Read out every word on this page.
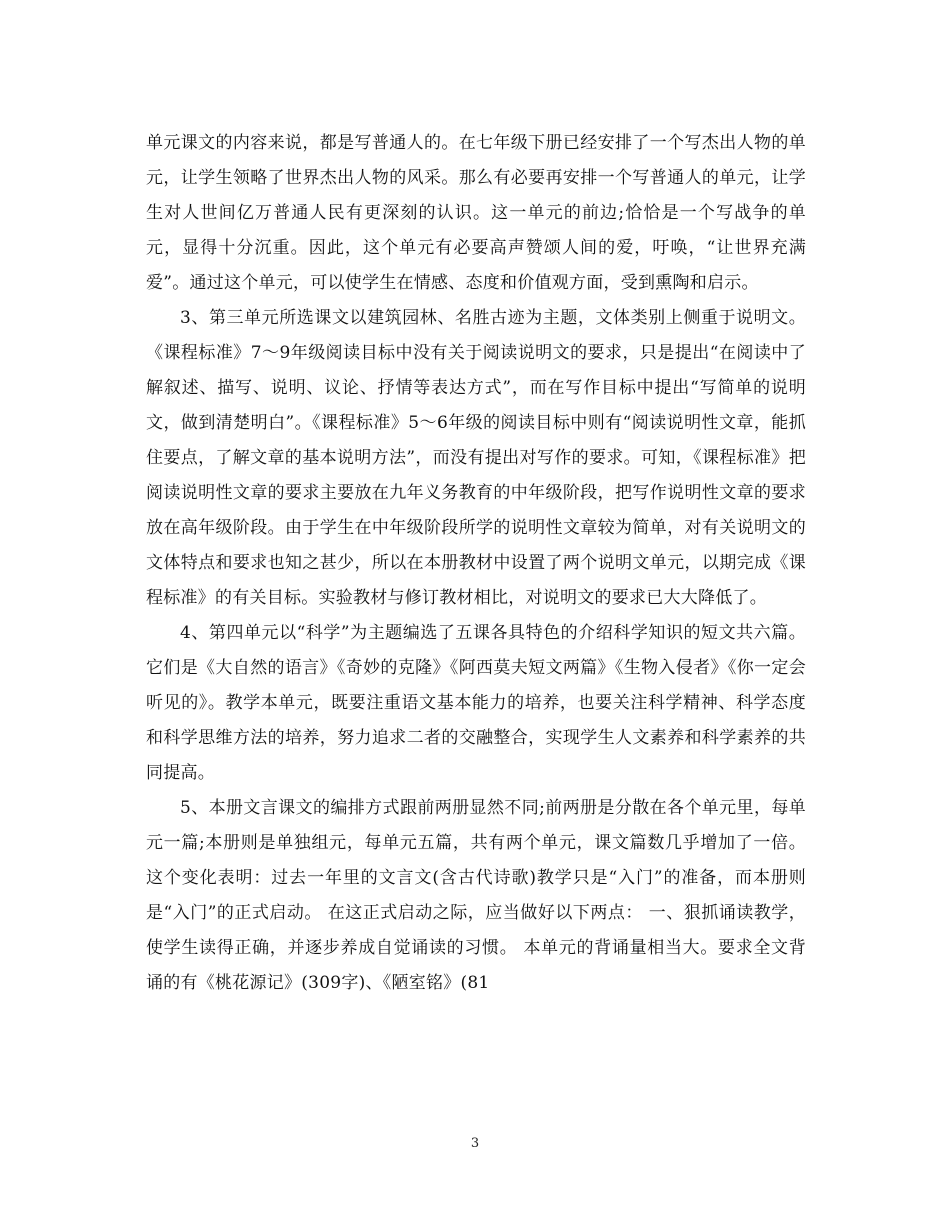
单元课文的内容来说，都是写普通人的。在七年级下册已经安排了一个写杰出人物的单元，让学生领略了世界杰出人物的风采。那么有必要再安排一个写普通人的单元，让学生对人世间亿万普通人民有更深刻的认识。这一单元的前边;恰恰是一个写战争的单元，显得十分沉重。因此，这个单元有必要高声赞颂人间的爱，吁唤，“让世界充满爱”。通过这个单元，可以使学生在情感、态度和价值观方面，受到熏陶和启示。

3、第三单元所选课文以建筑园林、名胜古迹为主题，文体类别上侧重于说明文。《课程标准》7～9年级阅读目标中没有关于阅读说明文的要求，只是提出“在阅读中了解叙述、描写、说明、议论、抒情等表达方式”，而在写作目标中提出“写简单的说明文，做到清楚明白”。《课程标准》5～6年级的阅读目标中则有“阅读说明性文章，能抓住要点，了解文章的基本说明方法”，而没有提出对写作的要求。可知，《课程标准》把阅读说明性文章的要求主要放在九年义务教育的中年级阶段，把写作说明性文章的要求放在高年级阶段。由于学生在中年级阶段所学的说明性文章较为简单，对有关说明文的文体特点和要求也知之甚少，所以在本册教材中设置了两个说明文单元，以期完成《课程标准》的有关目标。实验教材与修订教材相比，对说明文的要求已大大降低了。

4、第四单元以“科学”为主题编选了五课各具特色的介绍科学知识的短文共六篇。它们是《大自然的语言》《奇妙的克隆》《阿西莫夫短文两篇》《生物入侵者》《你一定会听见的》。教学本单元，既要注重语文基本能力的培养，也要关注科学精神、科学态度和科学思维方法的培养，努力追求二者的交融整合，实现学生人文素养和科学素养的共同提高。

5、本册文言课文的编排方式跟前两册显然不同;前两册是分散在各个单元里，每单元一篇;本册则是单独组元，每单元五篇，共有两个单元，课文篇数几乎增加了一倍。这个变化表明：过去一年里的文言文(含古代诗歌)教学只是“入门”的准备，而本册则是“入门”的正式启动。 在这正式启动之际，应当做好以下两点： 一、狠抓诵读教学，使学生读得正确，并逐步养成自觉诵读的习惯。 本单元的背诵量相当大。要求全文背诵的有《桃花源记》(309字)、《陋室铭》(81

3
